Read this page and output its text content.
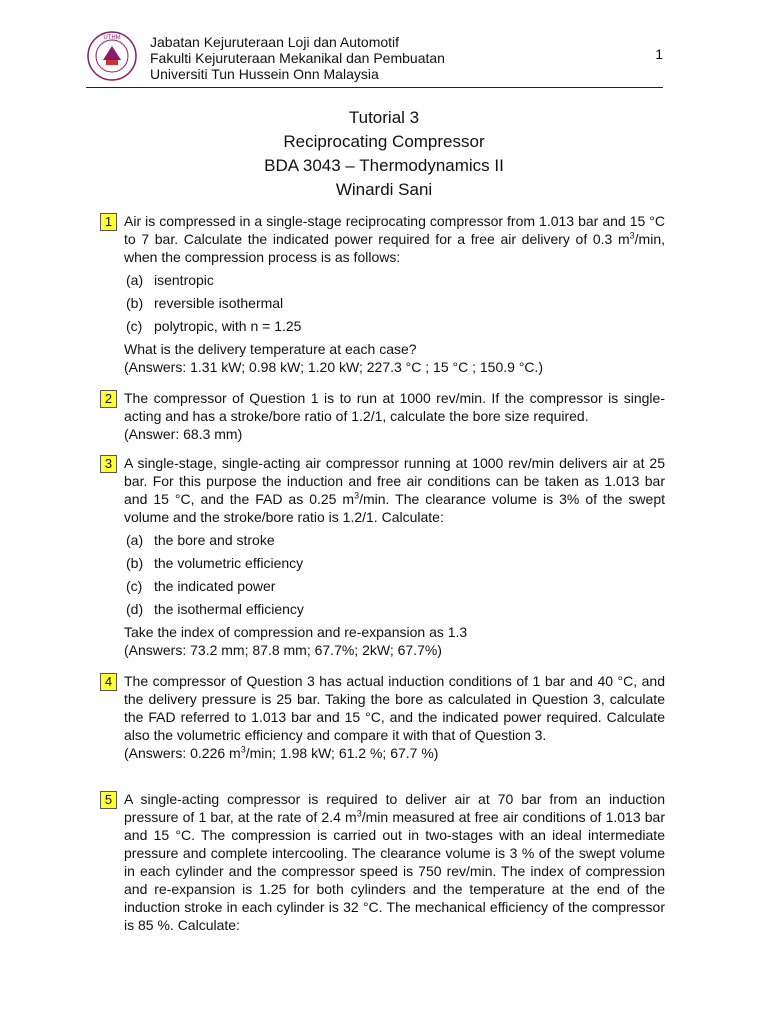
UTHM Jabatan Kejuruteraan Loji dan Automotif
Fakulti Kejuruteraan Mekanikal dan Pembuatan
Universiti Tun Hussein Onn Malaysia
1
Tutorial 3
Reciprocating Compressor
BDA 3043 – Thermodynamics II
Winardi Sani
1 Air is compressed in a single-stage reciprocating compressor from 1.013 bar and 15 °C to 7 bar. Calculate the indicated power required for a free air delivery of 0.3 $m^3/\min$, when the compression process is as follows:

(a) isentropic
(b) reversible isothermal
(c) polytropic, with n = 1.25

What is the delivery temperature at each case?

(Answers: 1.31 kW; 0.98 kW; 1.20 kW; 227.3 °C ; 15 °C ; 150.9 °C.)

2 The compressor of Question 1 is to run at 1000 rev/min. If the compressor is single-acting and has a stroke/bore ratio of 1.2/1, calculate the bore size required.

(Answer: 68.3 mm)

3 A single-stage, single-acting air compressor running at 1000 rev/min delivers air at 25 bar. For this purpose the induction and free air conditions can be taken as 1.013 bar and 15 °C, and the FAD as 0.25 $m^3/\min$. The clearance volume is 3% of the swept volume and the stroke/bore ratio is 1.2/1. Calculate:

(a) the bore and stroke
(b) the volumetric efficiency
(c) the indicated power
(d) the isothermal efficiency

Take the index of compression and re-expansion as 1.3

(Answers: 73.2 mm; 87.8 mm; 67.7%; 2kW; 67.7%)

4 The compressor of Question 3 has actual induction conditions of 1 bar and 40 °C, and the delivery pressure is 25 bar. Taking the bore as calculated in Question 3, calculate the FAD referred to 1.013 bar and 15 °C, and the indicated power required. Calculate also the volumetric efficiency and compare it with that of Question 3.

(Answers: 0.226 $m^3/\min$; 1.98 kW; 61.2 %; 67.7 %)

5 A single-acting compressor is required to deliver air at 70 bar from an induction pressure of 1 bar, at the rate of 2.4 $m^3/\min$ measured at free air conditions of 1.013 bar and 15 °C. The compression is carried out in two-stages with an ideal intermediate pressure and complete intercooling. The clearance volume is 3 % of the swept volume in each cylinder and the compressor speed is 750 rev/min. The index of compression and re-expansion is 1.25 for both cylinders and the temperature at the end of the induction stroke in each cylinder is 32 °C. The mechanical efficiency of the compressor is 85 %. Calculate:
